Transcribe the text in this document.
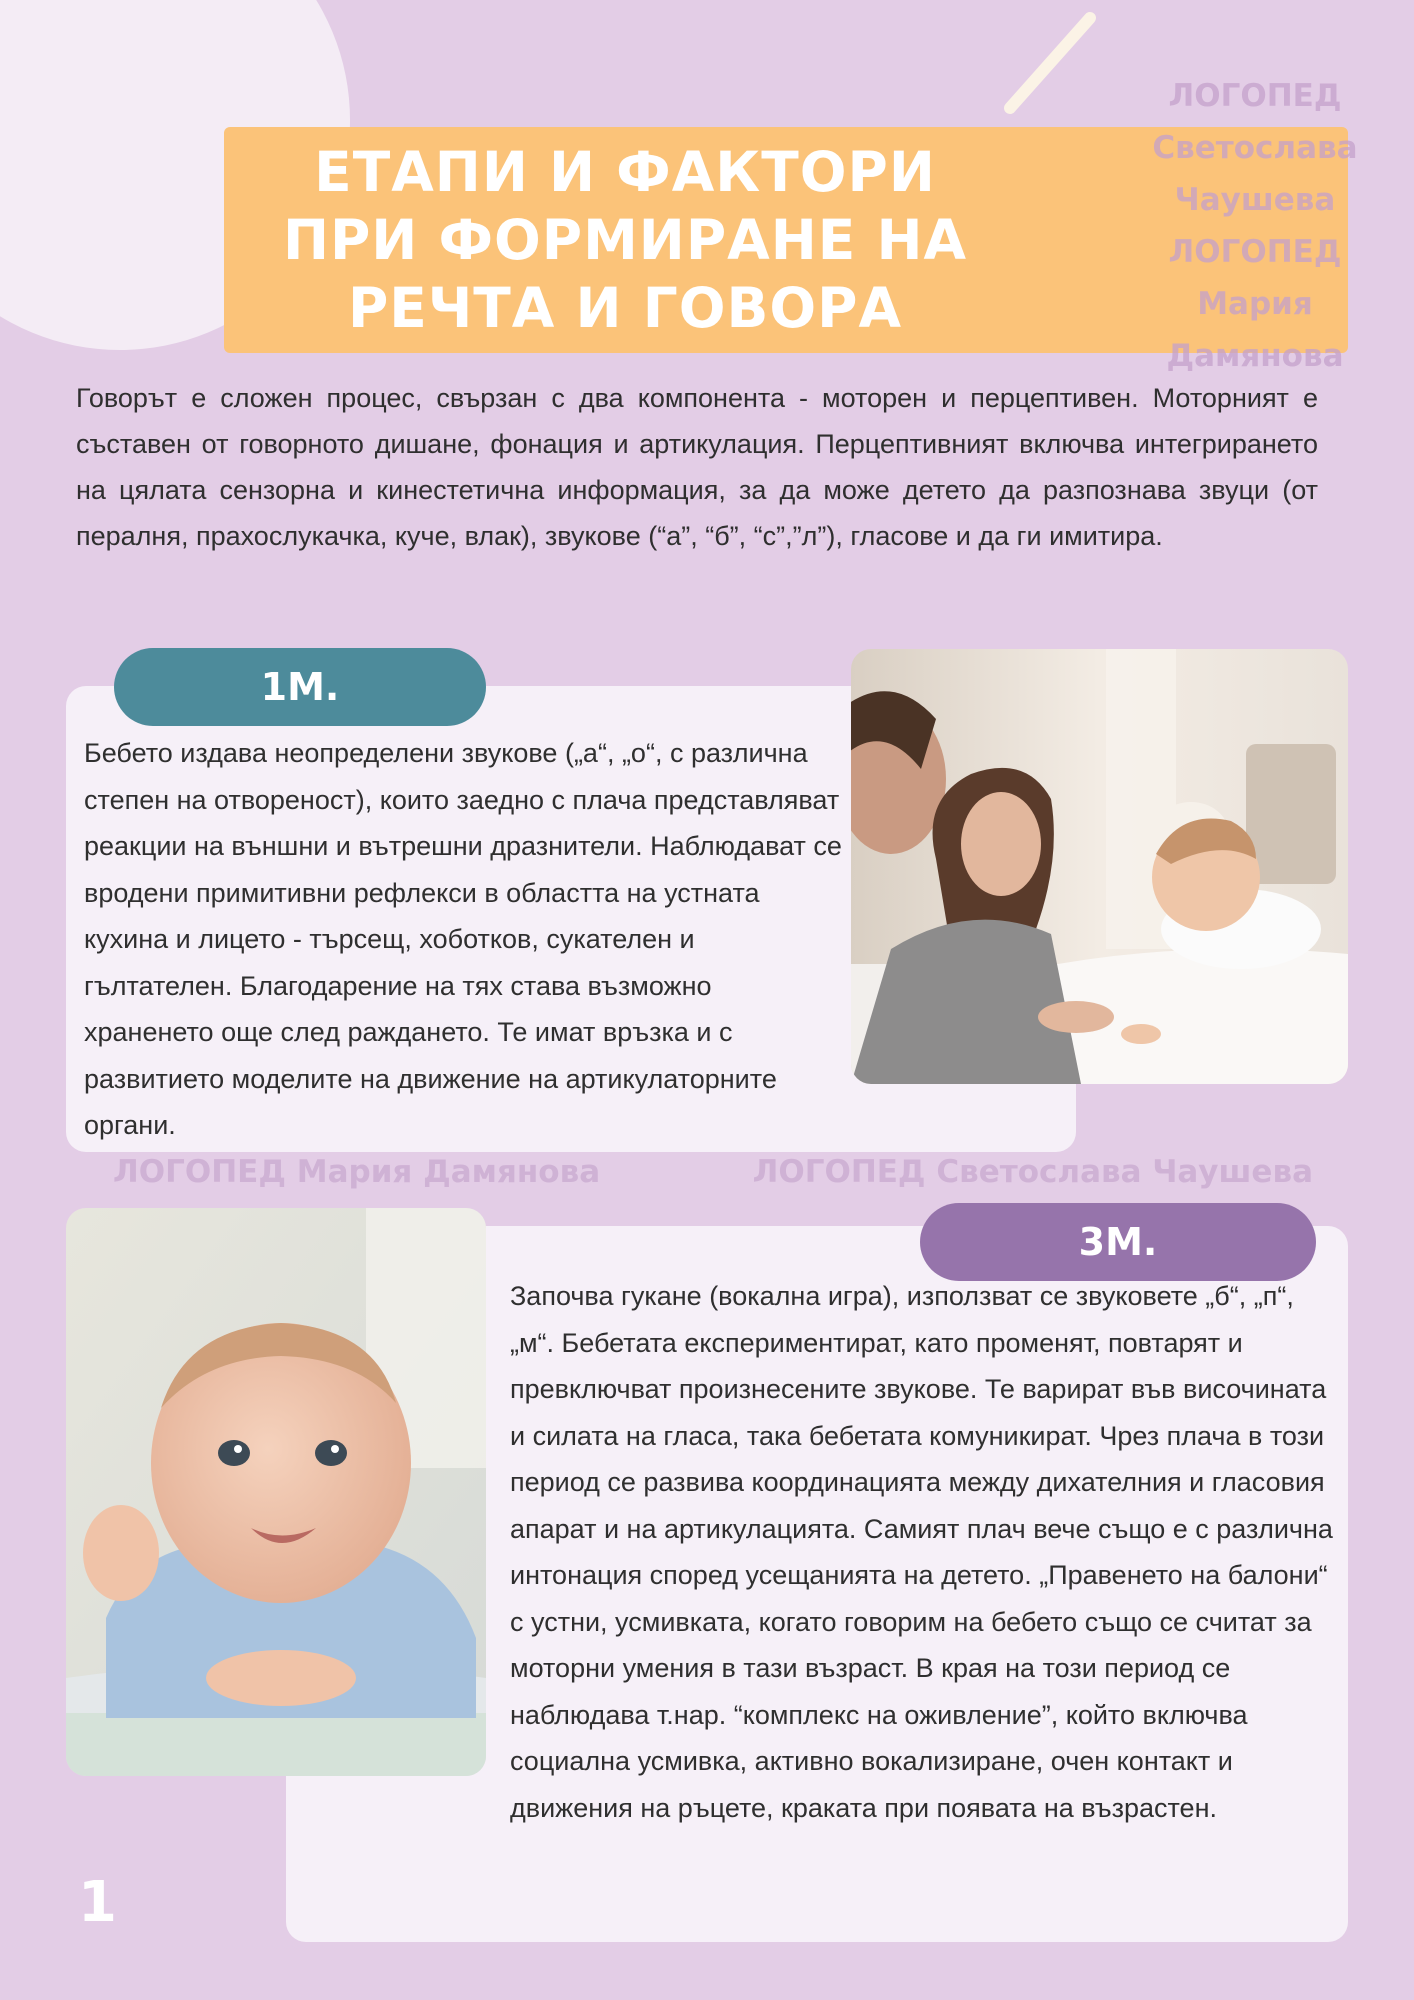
ЕТАПИ И ФАКТОРИ
ПРИ ФОРМИРАНЕ НА
РЕЧТА И ГОВОРА
ЛОГОПЕД
Светослава
Чаушева
ЛОГОПЕД
Мария
Дамянова

Говорът е сложен процес, свързан с два компонента - моторен и перцептивен. Моторният е съставен от говорното дишане, фонация и артикулация. Перцептивният включва интегрирането на цялата сензорна и кинестетична информация, за да може детето да разпознава звуци (от пералня, прахослукачка, куче, влак), звукове (“а”, “б”, “с”,”л”), гласове и да ги имитира.

1М.

Бебето издава неопределени звукове („а“, „о“, с различна степен на отвореност), които заедно с плача представляват реакции на външни и вътрешни дразнители. Наблюдават се вродени примитивни рефлекси в областта на устната кухина и лицето - търсещ, хоботков, сукателен и гълтателен. Благодарение на тях става възможно храненето още след раждането. Те имат връзка и с развитието моделите на движение на артикулаторните органи.

ЛОГОПЕД Мария Дамянова	ЛОГОПЕД Светослава Чаушева
3М.

Започва гукане (вокална игра), използват се звуковете „б“, „п“, „м“. Бебетата експериментират, като променят, повтарят и превключват произнесените звукове. Те варират във височината и силата на гласа, така бебетата комуникират. Чрез плача в този период се развива координацията между дихателния и гласовия апарат и на артикулацията. Самият плач вече също е с различна интонация според усещанията на детето. „Правенето на балони“ с устни, усмивката, когато говорим на бебето също се считат за моторни умения в тази възраст. В края на този период се наблюдава т.нар. “комплекс на оживление”, който включва социална усмивка, активно вокализиране, очен контакт и движения на ръцете, краката при появата на възрастен.

1
